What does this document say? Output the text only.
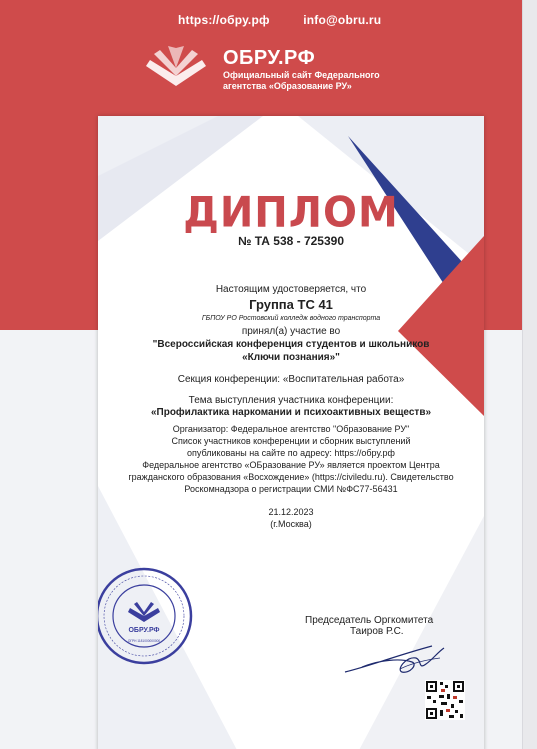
https://обру.рф	info@obru.ru
ОБРУ.РФ
Официальный сайт Федерального
агентства «Образование РУ»
ДИПЛОМ
№ ТА 538 - 725390
Настоящим удостоверяется, что
Группа ТС 41
ГБПОУ РО Ростовский колледж водного транспорта
принял(а) участие во
"Всероссийская конференция студентов и школьников
«Ключи познания»"
Секция конференции: «Воспитательная работа»
Тема выступления участника конференции:
«Профилактика наркомании и психоактивных веществ»
Организатор: Федеральное агентство "Образование РУ"
Список участников конференции и сборник выступлений
опубликованы на сайте по адресу: https://обру.рф
Федеральное агентство «ОБразование РУ» является проектом Центра
гражданского образования «Восхождение» (https://civiledu.ru). Свидетельство
Роскомнадзора о регистрации СМИ №ФС77-56431
21.12.2023
(г.Москва)
ОБРУ.РФ
ОГРН 1181000000000
Председатель Оргкомитета
Таиров Р.С.
